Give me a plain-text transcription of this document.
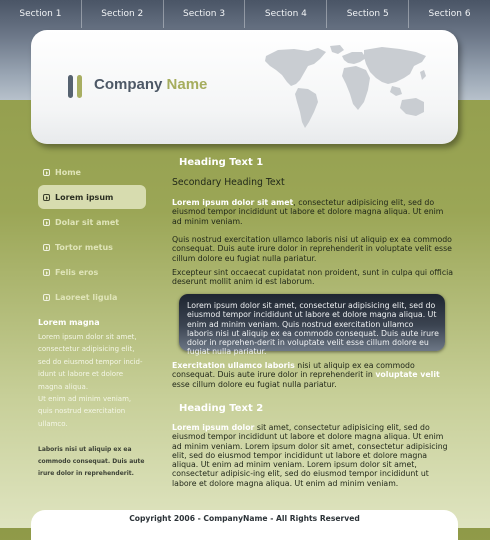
Section 1	Section 2	Section 3	Section 4	Section 5	Section 6
Company Name
Home
Lorem ipsum
Dolar sit amet
Tortor metus
Felis eros
Laoreet ligula
Lorem magna
Lorem ipsum dolor sit amet,
consectetur adipisicing elit,
sed do eiusmod tempor incid-
idunt ut labore et dolore
magna aliqua.
Ut enim ad minim veniam,
quis nostrud exercitation
ullamco.
Laboris nisi ut aliquip ex ea
commodo consequat. Duis aute
irure dolor in reprehenderit.
Heading Text 1
Secondary Heading Text
Lorem ipsum dolor sit amet, consectetur adipisicing elit, sed do eiusmod tempor incididunt ut labore et dolore magna aliqua. Ut enim ad minim veniam.
Quis nostrud exercitation ullamco laboris nisi ut aliquip ex ea commodo consequat. Duis aute irure dolor in reprehenderit in voluptate velit esse cillum dolore eu fugiat nulla pariatur.
Excepteur sint occaecat cupidatat non proident, sunt in culpa qui officia deserunt mollit anim id est laborum.
Lorem ipsum dolor sit amet, consectetur adipisicing elit, sed do eiusmod tempor incididunt ut labore et dolore magna aliqua. Ut enim ad minim veniam. Quis nostrud exercitation ullamco laboris nisi ut aliquip ex ea commodo consequat. Duis aute irure dolor in reprehen-derit in voluptate velit esse cillum dolore eu fugiat nulla pariatur.
Exercitation ullamco laboris nisi ut aliquip ex ea commodo consequat. Duis aute irure dolor in reprehenderit in voluptate velit esse cillum dolore eu fugiat nulla pariatur.
Heading Text 2
Lorem ipsum dolor sit amet, consectetur adipisicing elit, sed do eiusmod tempor incididunt ut labore et dolore magna aliqua. Ut enim ad minim veniam. Lorem ipsum dolor sit amet, consectetur adipisicing elit, sed do eiusmod tempor incididunt ut labore et dolore magna aliqua. Ut enim ad minim veniam. Lorem ipsum dolor sit amet, consectetur adipisic-ing elit, sed do eiusmod tempor incididunt ut labore et dolore magna aliqua. Ut enim ad minim veniam.
Copyright 2006 - CompanyName - All Rights Reserved
